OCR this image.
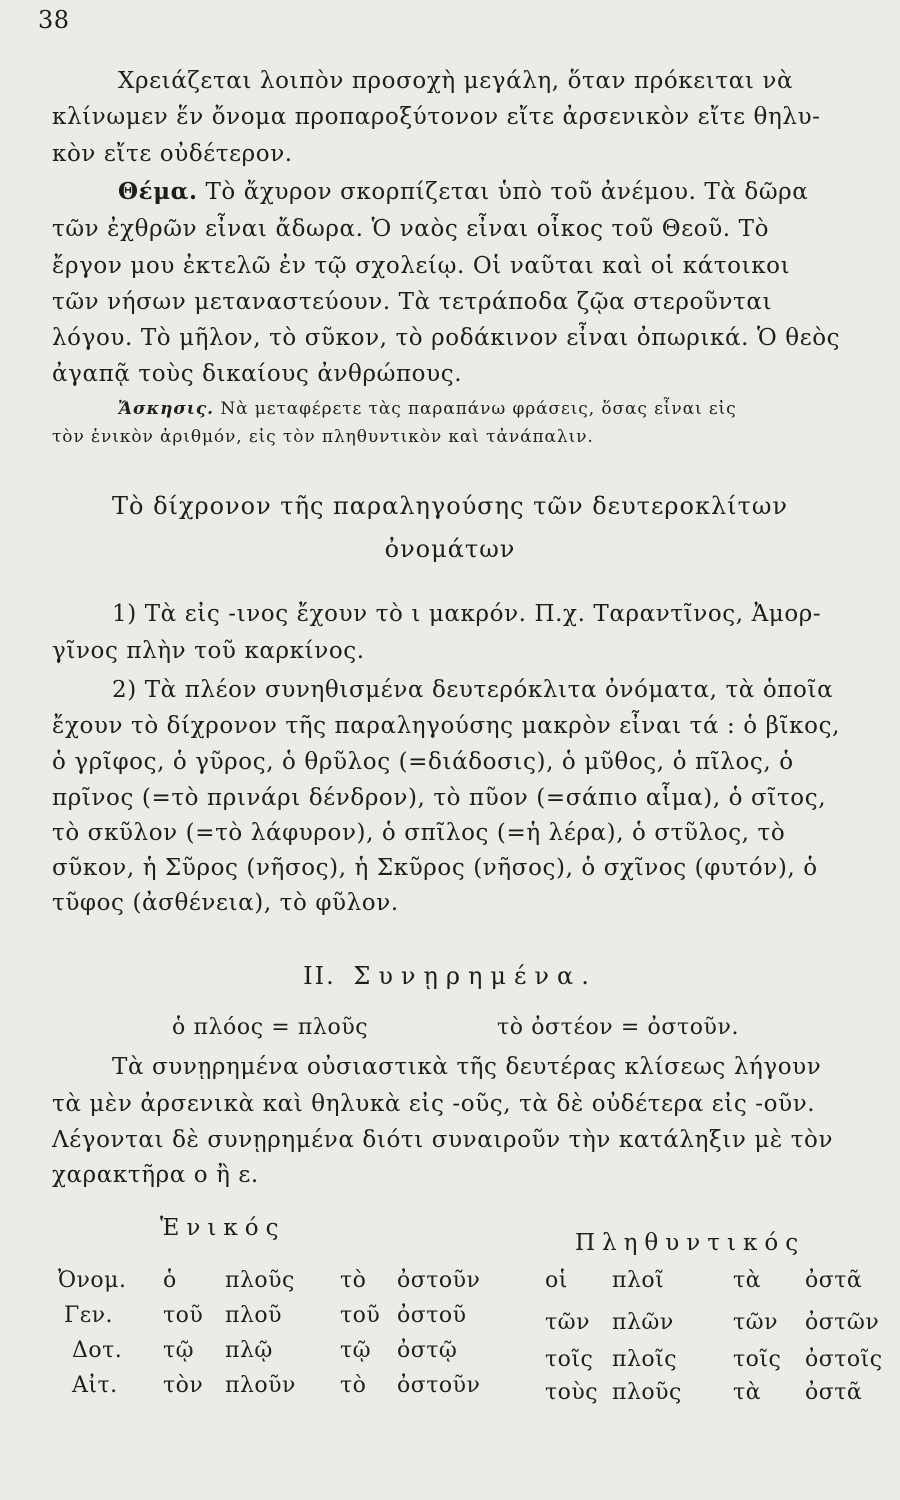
38
Χρειάζεται λοιπὸν προσοχὴ μεγάλη, ὅταν πρόκειται νὰ
κλίνωμεν ἕν ὄνομα προπαροξύτονον εἴτε ἀρσενικὸν εἴτε θηλυ-
κὸν εἴτε οὐδέτερον.
Θέμα. Τὸ ἄχυρον σκορπίζεται ὑπὸ τοῦ ἀνέμου. Τὰ δῶρα
τῶν ἐχθρῶν εἶναι ἄδωρα. Ὁ ναὸς εἶναι οἶκος τοῦ Θεοῦ. Τὸ
ἔργον μου ἐκτελῶ ἐν τῷ σχολείῳ. Οἱ ναῦται καὶ οἱ κάτοικοι
τῶν νήσων μεταναστεύουν. Τὰ τετράποδα ζῷα στεροῦνται
λόγου. Τὸ μῆλον, τὸ σῦκον, τὸ ροδάκινον εἶναι ὀπωρικά. Ὁ θεὸς
ἀγαπᾷ τοὺς δικαίους ἀνθρώπους.
Ἄσκησις. Νὰ μεταφέρετε τὰς παραπάνω φράσεις, ὅσας εἶναι εἰς
τὸν ἑνικὸν ἀριθμόν, εἰς τὸν πληθυντικὸν καὶ τἀνάπαλιν.
Τὸ δίχρονον τῆς παραληγούσης τῶν δευτεροκλίτων
ὀνομάτων
1) Τὰ εἰς -ινος ἔχουν τὸ ι μακρόν. Π.χ. Ταραντῖνος, Ἀμορ-
γῖνος πλὴν τοῦ καρκίνος.
2) Τὰ πλέον συνηθισμένα δευτερόκλιτα ὀνόματα, τὰ ὁποῖα
ἔχουν τὸ δίχρονον τῆς παραληγούσης μακρὸν εἶναι τά : ὁ βῖκος,
ὁ γρῖφος, ὁ γῦρος, ὁ θρῦλος (=διάδοσις), ὁ μῦθος, ὁ πῖλος, ὁ
πρῖνος (=τὸ πρινάρι δένδρον), τὸ πῦον (=σάπιο αἷμα), ὁ σῖτος,
τὸ σκῦλον (=τὸ λάφυρον), ὁ σπῖλος (=ἡ λέρα), ὁ στῦλος, τὸ
σῦκον, ἡ Σῦρος (νῆσος), ἡ Σκῦρος (νῆσος), ὁ σχῖνος (φυτόν), ὁ
τῦφος (ἀσθένεια), τὸ φῦλον.
ΙΙ. Συνῃρημένα.
ὁ πλόος = πλοῦς	τὸ ὀστέον = ὀστοῦν.
Τὰ συνῃρημένα οὐσιαστικὰ τῆς δευτέρας κλίσεως λήγουν
τὰ μὲν ἀρσενικὰ καὶ θηλυκὰ εἰς -οῦς, τὰ δὲ οὐδέτερα εἰς -οῦν.
Λέγονται δὲ συνῃρημένα διότι συναιροῦν τὴν κατάληξιν μὲ τὸν
χαρακτῆρα ο ἢ ε.
Ἑνικός
Πληθυντικός
Ὀνομ. ὁ πλοῦς τὸ ὀστοῦν	οἱ πλοῖ	τὰ ὀστᾶ
Γεν. τοῦ πλοῦ	τοῦ ὀστοῦ	τῶν πλῶν	τῶν ὀστῶν
Δοτ. τῷ πλῷ	τῷ ὀστῷ	τοῖς πλοῖς	τοῖς ὀστοῖς
Αἰτ. τὸν πλοῦν τὸ ὀστοῦν	τοὺς πλοῦς τὰ ὀστᾶ
